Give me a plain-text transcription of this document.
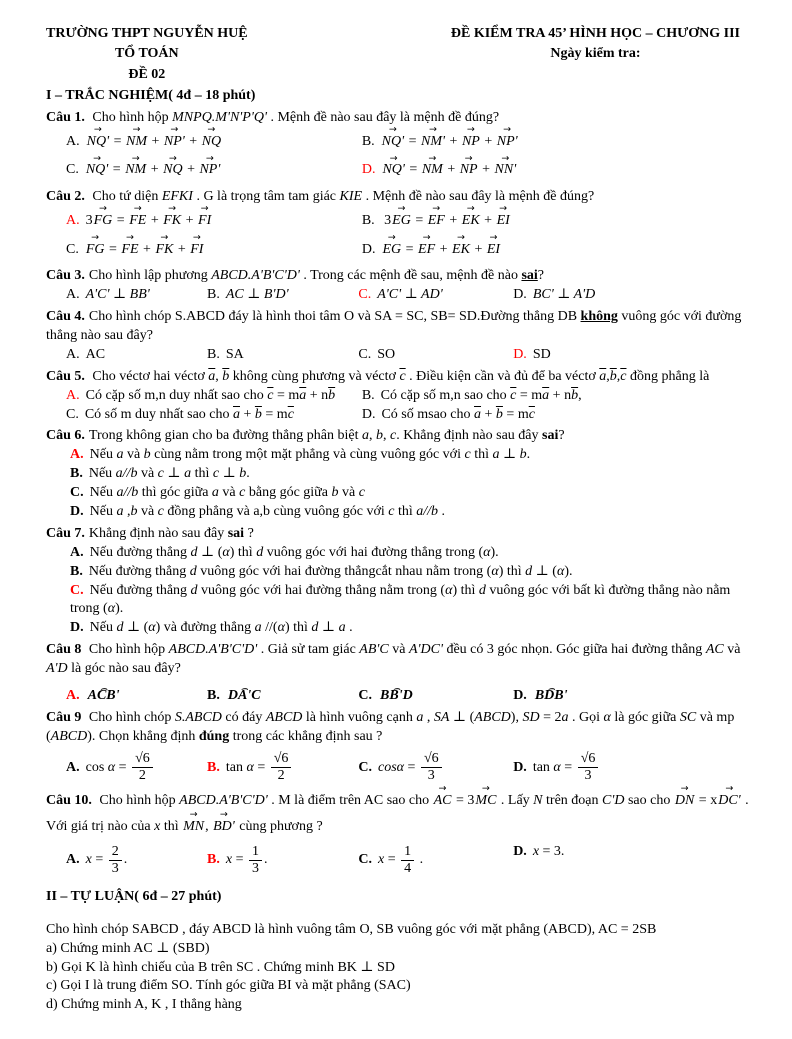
TRƯỜNG THPT NGUYỄN HUỆ
TỔ TOÁN
ĐỀ 02
ĐỀ KIỂM TRA 45’ HÌNH HỌC – CHƯƠNG III
Ngày kiểm tra:
I – TRẮC NGHIỆM( 4đ – 18 phút)
Câu 1. Cho hình hộp MNPQ.M'N'P'Q' . Mệnh đề nào sau đây là mệnh đề đúng?
A. → NQ' = → NM + → NP' + → NQ	B. → NQ' = → NM' + → NP + → NP'
C. → NQ' = → NM + → NQ + → NP'	D. → NQ' = → NM + → NP + → NN'
Câu 2. Cho tứ diện EFKI . G là trọng tâm tam giác KIE . Mệnh đề nào sau đây là mệnh đề đúng?
A. 3→ FG = → FE + → FK + → FI	B. 3→ EG = → EF + → EK + → EI
C. → FG = → FE + → FK + → FI	D. → EG = → EF + → EK + → EI
Câu 3. Cho hình lập phương ABCD.A'B'C'D' . Trong các mệnh đề sau, mệnh đề nào sai?
A. A'C' ⊥ BB'	B. AC ⊥ B'D'	C. A'C' ⊥ AD'	D. BC' ⊥ A'D
Câu 4. Cho hình chóp S.ABCD đáy là hình thoi tâm O và SA = SC, SB= SD.Đường thẳng DB không vuông góc với đường thẳng nào sau đây?
A. AC	B. SA	C. SO	D. SD
Câu 5. Cho véctơ hai véctơ $\overline{a}$, $\overline{b}$ không cùng phương và véctơ $\overline{c}$ . Điều kiện cần và đủ để ba véctơ $\overline{a},\overline{b},\overline{c}$ đồng phẳng là
A. Có cặp số m,n duy nhất sao cho $\overline{c} = m\overline{a} + n\overline{b}$	B. Có cặp số m,n sao cho $\overline{c} = m\overline{a} + n\overline{b}$,
C. Có số m duy nhất sao cho $\overline{a} + \overline{b} = m\overline{c}$	D. Có số msao cho $\overline{a} + \overline{b} = m\overline{c}$
Câu 6. Trong không gian cho ba đường thẳng phân biệt a, b, c. Khẳng định nào sau đây sai?
A. Nếu a và b cùng nằm trong một mặt phẳng và cùng vuông góc với c thì a ⊥ b.
B. Nếu a//b và c ⊥ a thì c ⊥ b.
C. Nếu a//b thì góc giữa a và c bằng góc giữa b và c
D. Nếu a ,b và c đồng phẳng và a,b cùng vuông góc với c thì a//b .
Câu 7. Khẳng định nào sau đây sai ?
A. Nếu đường thẳng d ⊥ (α) thì d vuông góc với hai đường thẳng trong (α).
B. Nếu đường thẳng d vuông góc với hai đường thẳngcắt nhau nằm trong (α) thì d ⊥ (α).
C. Nếu đường thẳng d vuông góc với hai đường thẳng nằm trong (α) thì d vuông góc với bất kì đường thẳng nào nằm trong (α).
D. Nếu d ⊥ (α) và đường thẳng a //(α) thì d ⊥ a .
Câu 8 Cho hình hộp ABCD.A'B'C'D' . Giả sử tam giác AB'C và A'DC' đều có 3 góc nhọn. Góc giữa hai đường thẳng AC và A'D là góc nào sau đây?
A. ⌢ ACB'	B. ⌢ DA'C	C. ⌢ BB'D	D. ⌢ BDB'
Câu 9 Cho hình chóp S.ABCD có đáy ABCD là hình vuông cạnh a , SA ⊥ (ABCD), SD = 2a . Gọi α là góc giữa SC và mp (ABCD). Chọn khẳng định đúng trong các khẳng định sau ?
A. $\cos \alpha = \frac{√6}{2}$	B. $\tan \alpha = \frac{√6}{2}$	C. $\cos\alpha = \frac{√6}{3}$	D. $\tan \alpha = \frac{√6}{3}$
Câu 10. Cho hình hộp ABCD.A'B'C'D' . M là điểm trên AC sao cho → AC = 3→ MC . Lấy N trên đoạn C'D sao cho → DN = x→ DC' . Với giá trị nào của x thì → MN, → BD' cùng phương ?
A. $x = \frac{2}{3}$ .	B. $x = \frac{1}{3}$ .	C. $x = \frac{1}{4}$ .
D. x = 3.
II – TỰ LUẬN( 6đ – 27 phút)
Cho hình chóp SABCD , đáy ABCD là hình vuông tâm O, SB vuông góc với mặt phẳng (ABCD), AC = 2SB
a) Chứng minh AC ⊥ (SBD)
b) Gọi K là hình chiếu của B trên SC . Chứng minh BK ⊥ SD
c) Gọi I là trung điểm SO. Tính góc giữa BI và mặt phẳng (SAC)
d) Chứng minh A, K , I thẳng hàng
